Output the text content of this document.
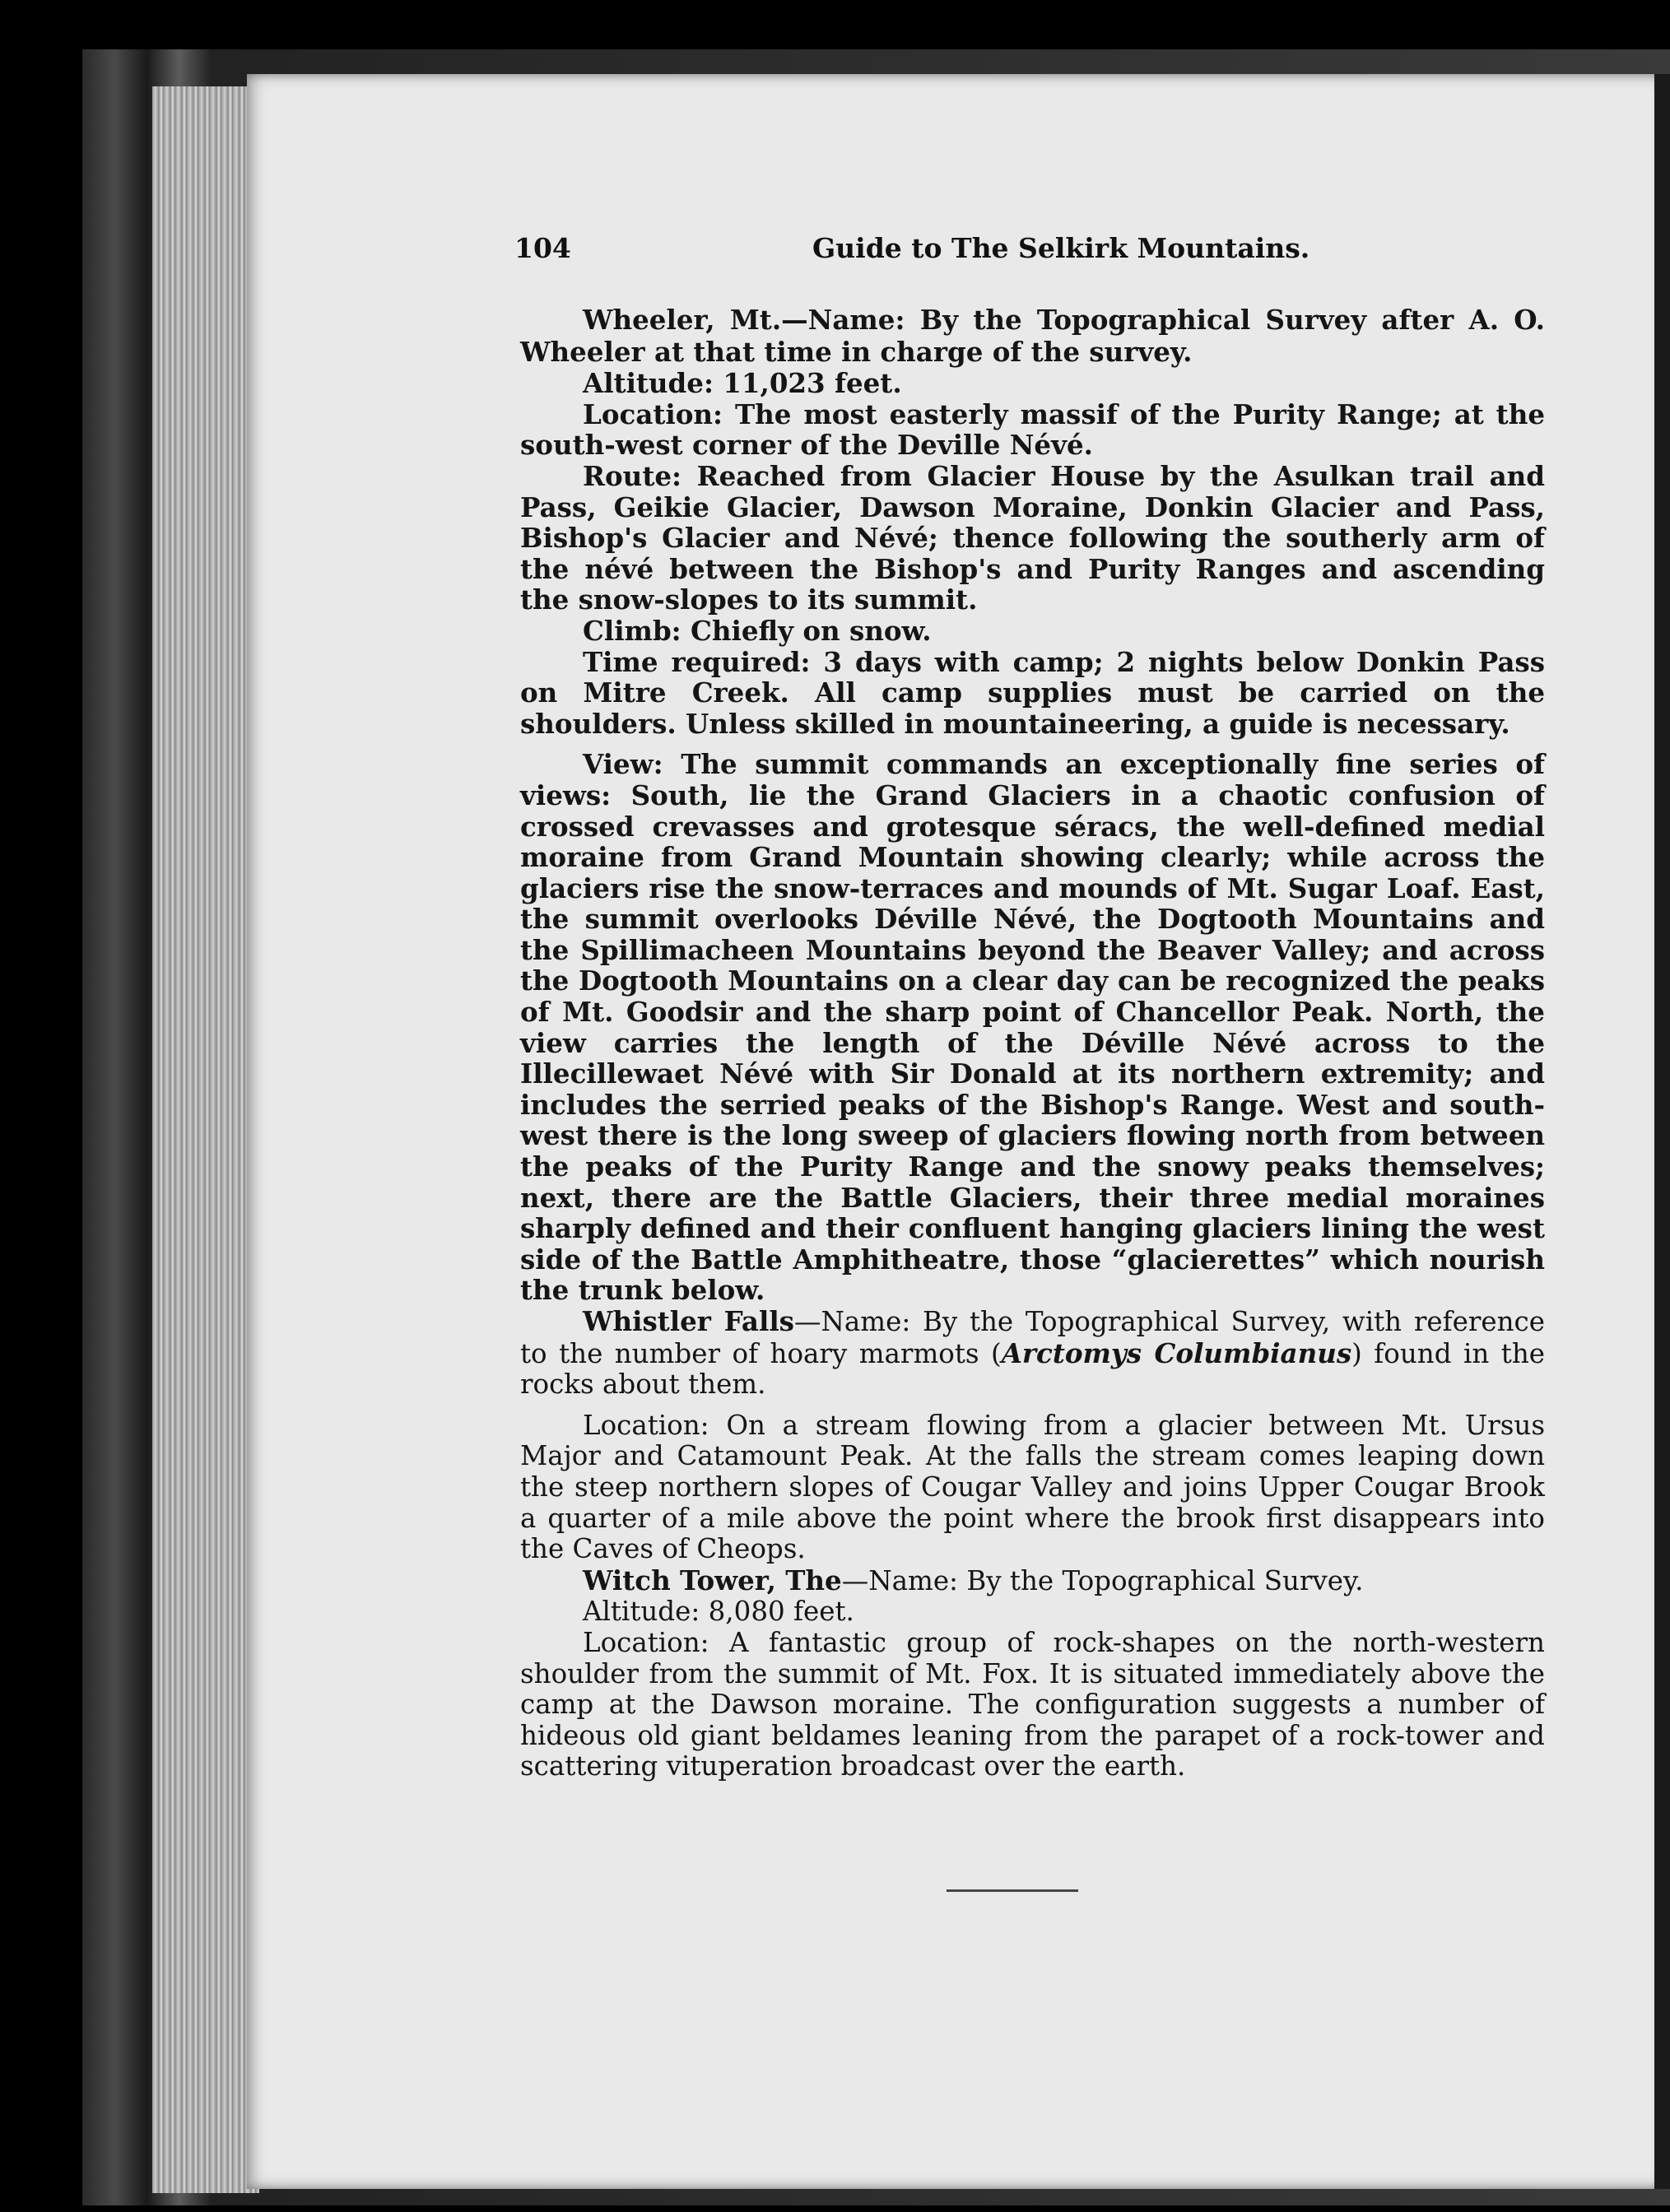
104	Guide to The Selkirk Mountains.

Wheeler, Mt.—Name: By the Topographical Survey after A. O. Wheeler at that time in charge of the survey.

Altitude: 11,023 feet.

Location: The most easterly massif of the Purity Range; at the south-west corner of the Deville Névé.

Route: Reached from Glacier House by the Asulkan trail and Pass, Geikie Glacier, Dawson Moraine, Donkin Glacier and Pass, Bishop's Glacier and Névé; thence following the southerly arm of the névé between the Bishop's and Purity Ranges and ascending the snow-slopes to its summit.

Climb: Chiefly on snow.

Time required: 3 days with camp; 2 nights below Donkin Pass on Mitre Creek. All camp supplies must be carried on the shoulders. Unless skilled in mountaineering, a guide is necessary.

View: The summit commands an exceptionally fine series of views: South, lie the Grand Glaciers in a chaotic confusion of crossed crevasses and grotesque séracs, the well-defined medial moraine from Grand Mountain showing clearly; while across the glaciers rise the snow-terraces and mounds of Mt. Sugar Loaf. East, the summit overlooks Déville Névé, the Dogtooth Mountains and the Spillimacheen Mountains beyond the Beaver Valley; and across the Dogtooth Mountains on a clear day can be recognized the peaks of Mt. Goodsir and the sharp point of Chancellor Peak. North, the view carries the length of the Déville Névé across to the Illecillewaet Névé with Sir Donald at its northern extremity; and includes the serried peaks of the Bishop's Range. West and south-west there is the long sweep of glaciers flowing north from between the peaks of the Purity Range and the snowy peaks themselves; next, there are the Battle Glaciers, their three medial moraines sharply defined and their confluent hanging glaciers lining the west side of the Battle Amphitheatre, those “glacierettes” which nourish the trunk below.

Whistler Falls—Name: By the Topographical Survey, with reference to the number of hoary marmots (Arctomys Columbianus) found in the rocks about them.

Location: On a stream flowing from a glacier between Mt. Ursus Major and Catamount Peak. At the falls the stream comes leaping down the steep northern slopes of Cougar Valley and joins Upper Cougar Brook a quarter of a mile above the point where the brook first disappears into the Caves of Cheops.

Witch Tower, The—Name: By the Topographical Survey.

Altitude: 8,080 feet.

Location: A fantastic group of rock-shapes on the north-western shoulder from the summit of Mt. Fox. It is situated immediately above the camp at the Dawson moraine. The configuration suggests a number of hideous old giant beldames leaning from the parapet of a rock-tower and scattering vituperation broadcast over the earth.
